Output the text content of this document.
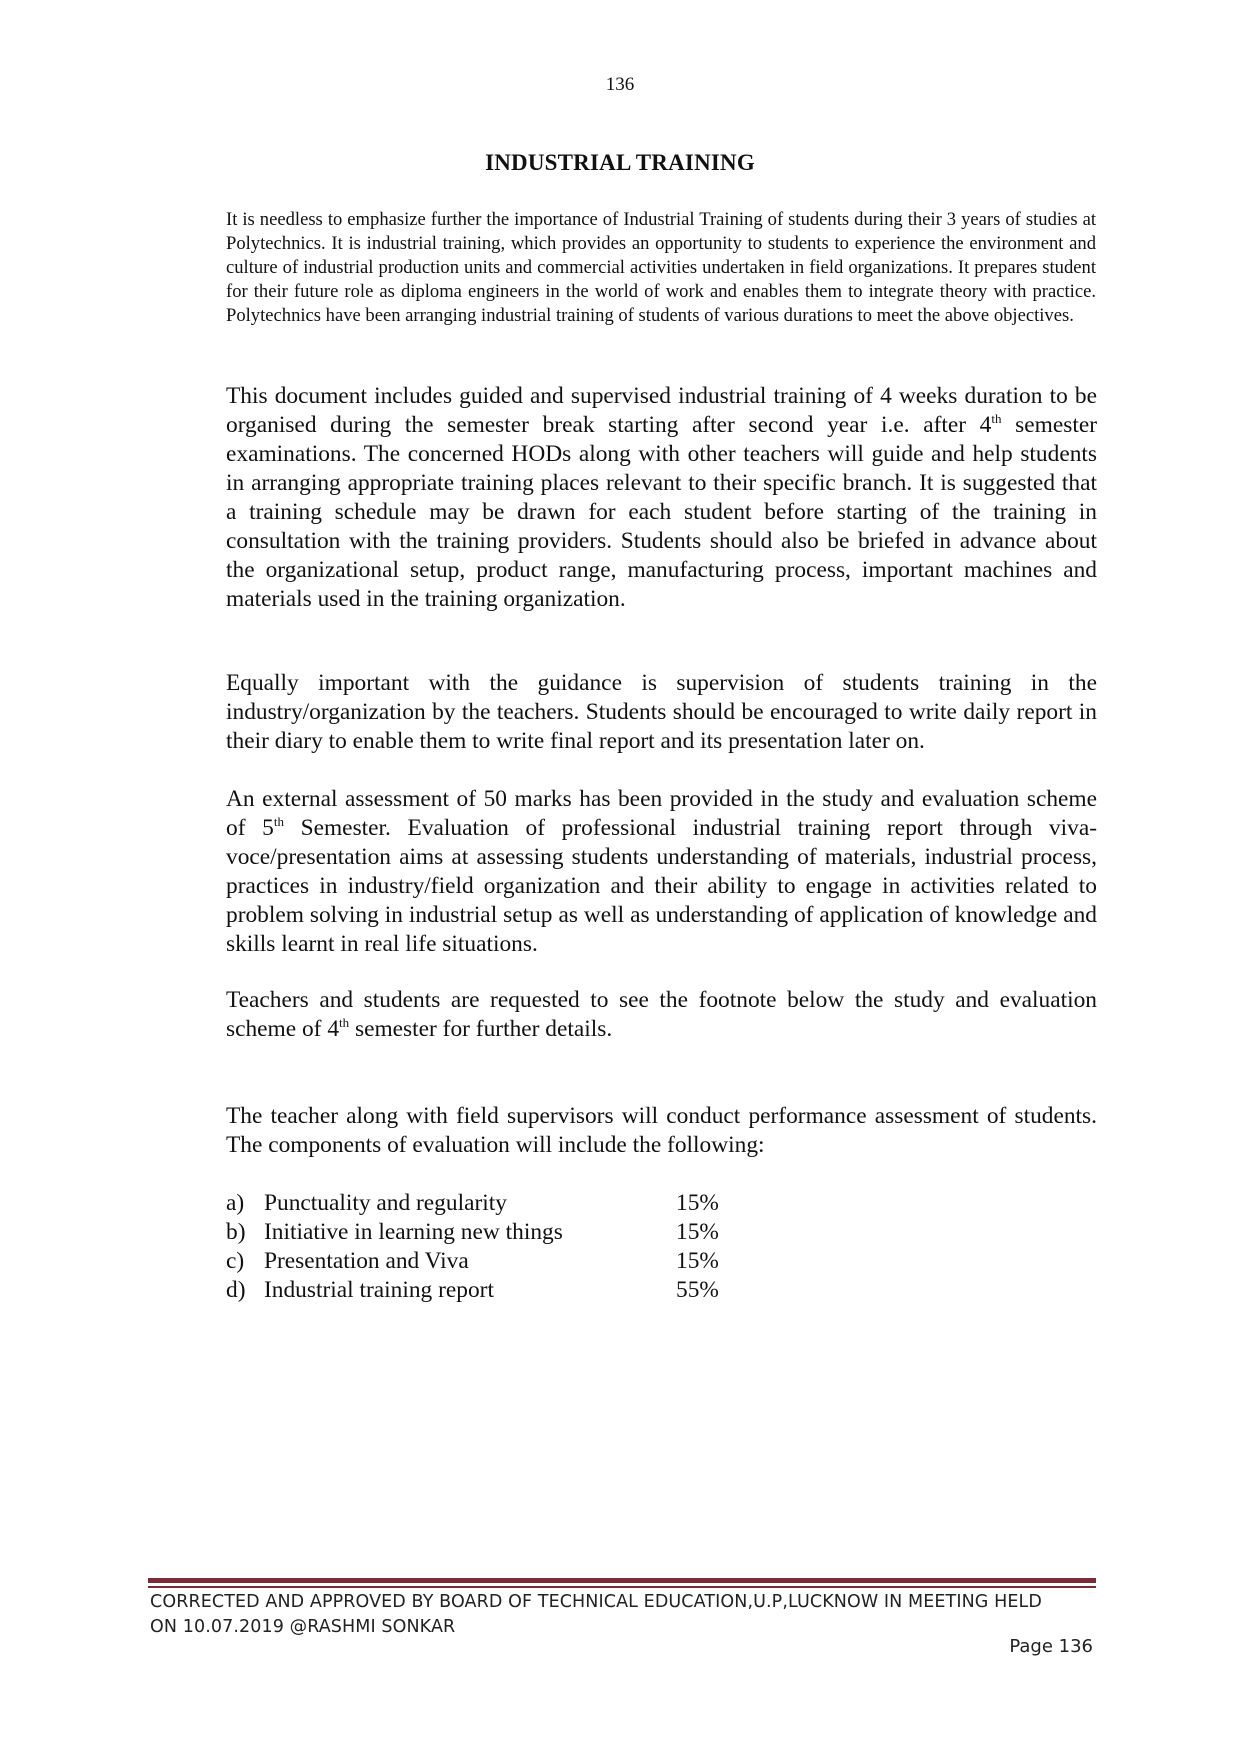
136
INDUSTRIAL TRAINING

It is needless to emphasize further the importance of Industrial Training of students during their 3 years of studies at Polytechnics. It is industrial training, which provides an opportunity to students to experience the environment and culture of industrial production units and commercial activities undertaken in field organizations. It prepares student for their future role as diploma engineers in the world of work and enables them to integrate theory with practice. Polytechnics have been arranging industrial training of students of various durations to meet the above objectives.

This document includes guided and supervised industrial training of 4 weeks duration to be organised during the semester break starting after second year i.e. after 4th semester examinations. The concerned HODs along with other teachers will guide and help students in arranging appropriate training places relevant to their specific branch. It is suggested that a training schedule may be drawn for each student before starting of the training in consultation with the training providers. Students should also be briefed in advance about the organizational setup, product range, manufacturing process, important machines and materials used in the training organization.

Equally important with the guidance is supervision of students training in the industry/organization by the teachers. Students should be encouraged to write daily report in their diary to enable them to write final report and its presentation later on.

An external assessment of 50 marks has been provided in the study and evaluation scheme of 5th Semester. Evaluation of professional industrial training report through viva-voce/presentation aims at assessing students understanding of materials, industrial process, practices in industry/field organization and their ability to engage in activities related to problem solving in industrial setup as well as understanding of application of knowledge and skills learnt in real life situations.

Teachers and students are requested to see the footnote below the study and evaluation scheme of 4th semester for further details.

The teacher along with field supervisors will conduct performance assessment of students. The components of evaluation will include the following:

a) Punctuality and regularity	15%
b) Initiative in learning new things	15%
c) Presentation and Viva	15%
d) Industrial training report	55%
CORRECTED AND APPROVED BY BOARD OF TECHNICAL EDUCATION,U.P,LUCKNOW IN MEETING HELD
ON 10.07.2019 @RASHMI SONKAR
Page 136
